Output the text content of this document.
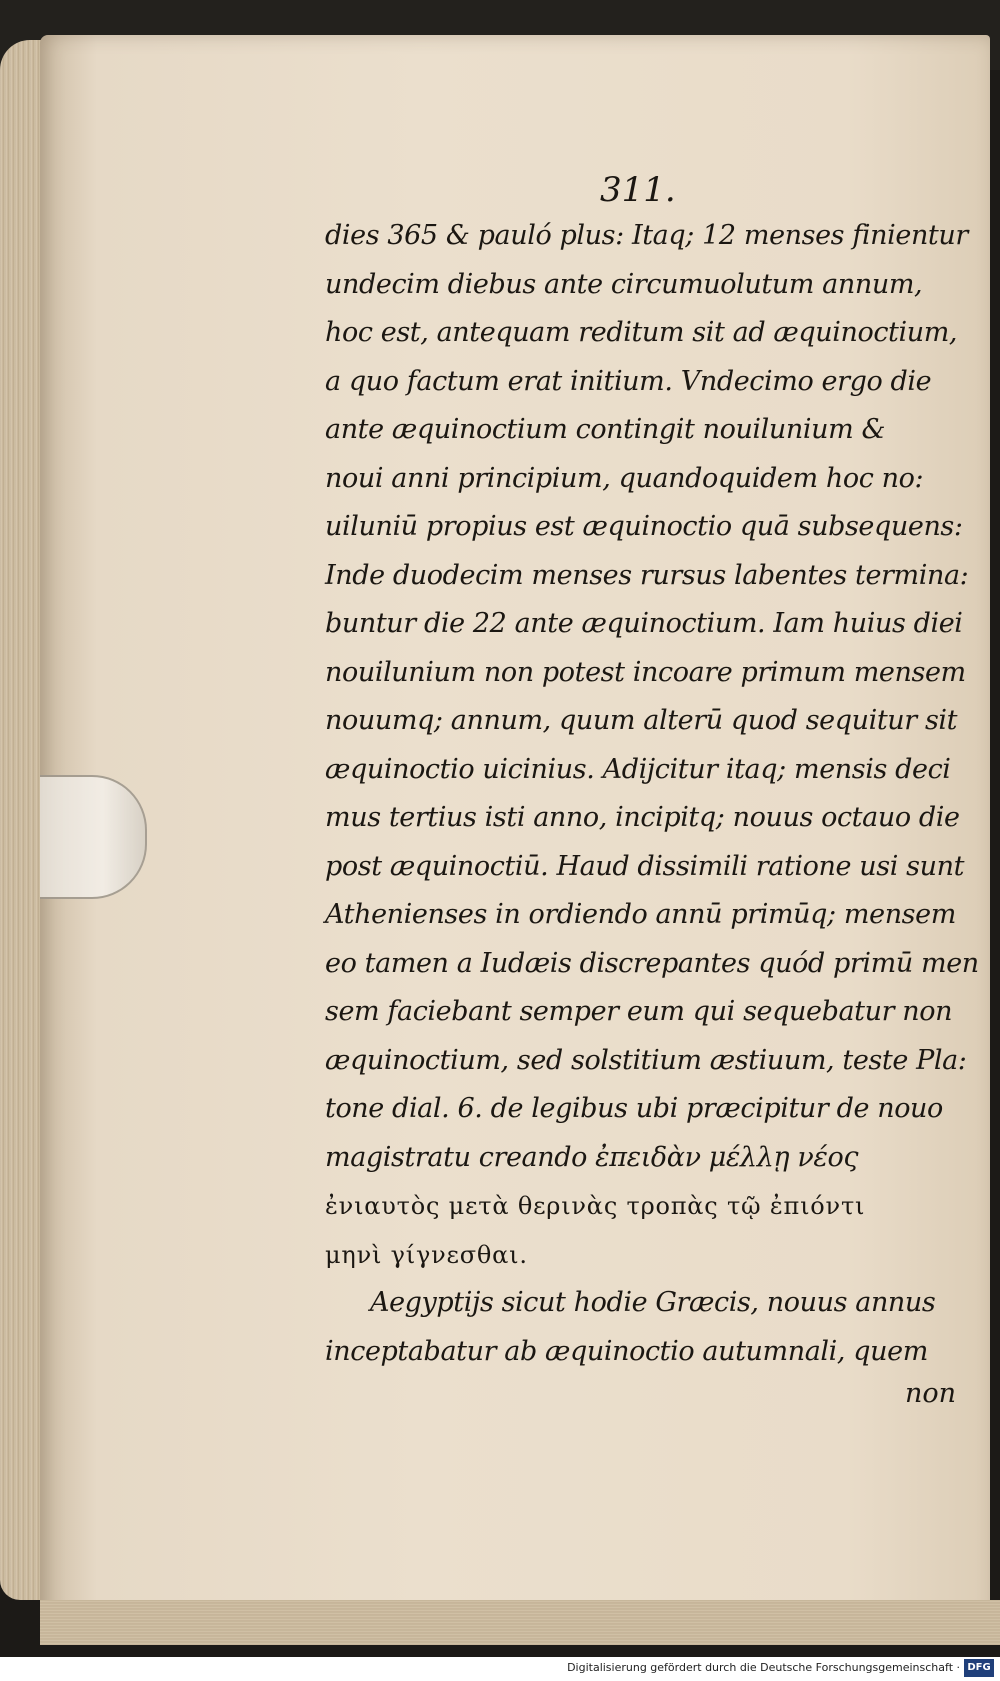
311.
dies 365 & pauló plus: Itaq; 12 menses finientur
undecim diebus ante circumuolutum annum,
hoc est, antequam reditum sit ad æquinoctium,
a quo factum erat initium. Vndecimo ergo die
ante æquinoctium contingit nouilunium &
noui anni principium, quandoquidem hoc no:
uiluniū propius est æquinoctio quā subsequens:
Inde duodecim menses rursus labentes termina:
buntur die 22 ante æquinoctium. Iam huius diei
nouilunium non potest incoare primum mensem
nouumq; annum, quum alterū quod sequitur sit
æquinoctio uicinius. Adijcitur itaq; mensis deci
mus tertius isti anno, incipitq; nouus octauo die
post æquinoctiū. Haud dissimili ratione usi sunt
Athenienses in ordiendo annū primūq; mensem
eo tamen a Iudæis discrepantes quód primū men
sem faciebant semper eum qui sequebatur non
æquinoctium, sed solstitium æstiuum, teste Pla:
tone dial. 6. de legibus ubi præcipitur de nouo
magistratu creando ἐπειδὰν μέλλῃ νέος
ἐνιαυτὸς μετὰ θερινὰς τροπὰς τῷ ἐπιόντι
μηνὶ γίγνεσθαι.
Aegyptijs sicut hodie Græcis, nouus annus
inceptabatur ab æquinoctio autumnali, quem
non
Digitalisierung gefördert durch die Deutsche Forschungsgemeinschaft · DFG
